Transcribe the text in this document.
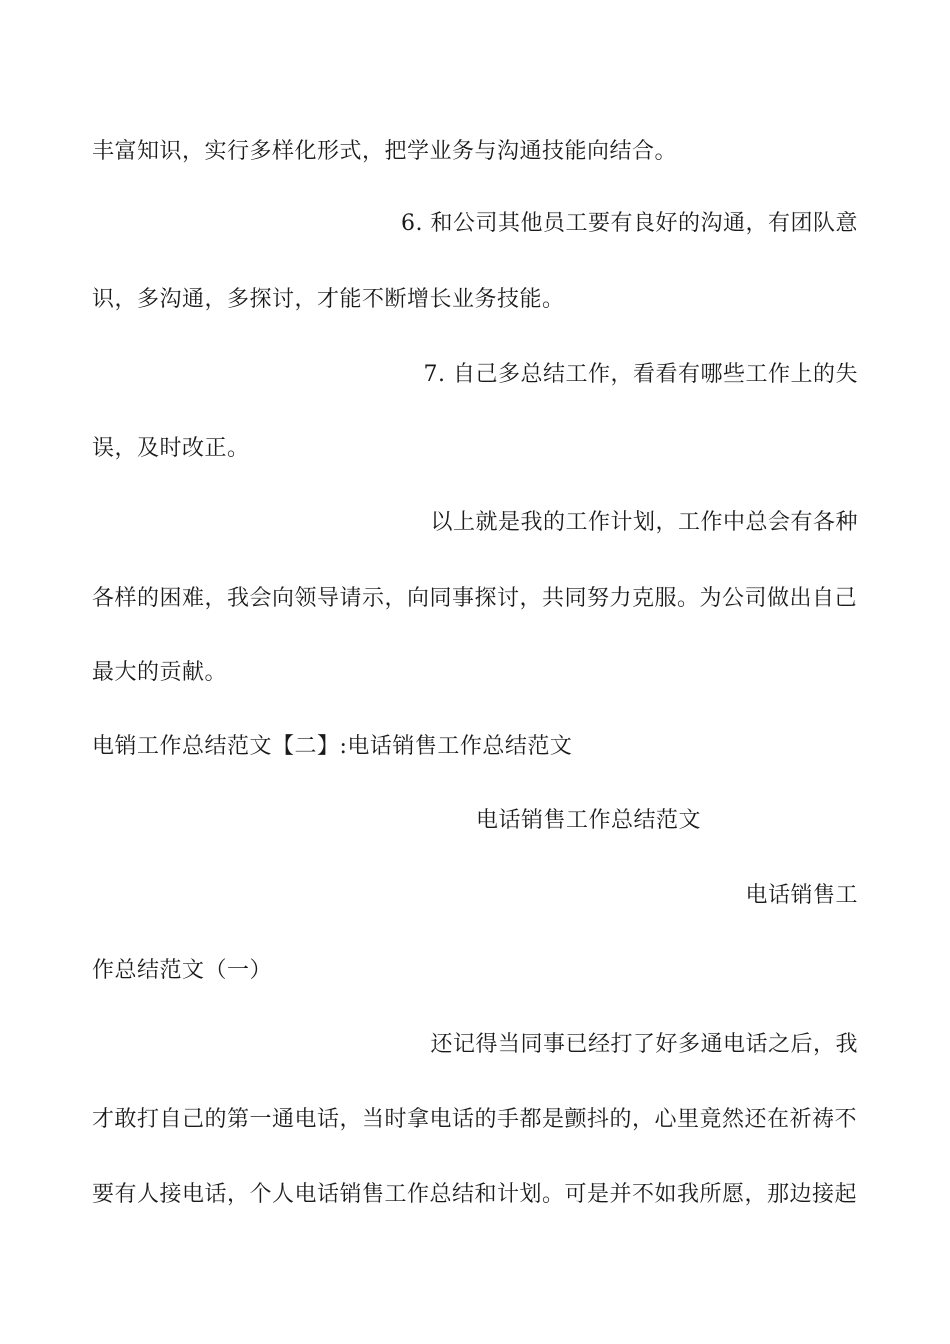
丰富知识，实行多样化形式，把学业务与沟通技能向结合。
6. 和公司其他员工要有良好的沟通，有团队意
识，多沟通，多探讨，才能不断增长业务技能。
7. 自己多总结工作，看看有哪些工作上的失
误，及时改正。
以上就是我的工作计划，工作中总会有各种
各样的困难，我会向领导请示，向同事探讨，共同努力克服。为公司做出自己
最大的贡献。
电销工作总结范文【二】:电话销售工作总结范文
电话销售工作总结范文
电话销售工
作总结范文（一）
还记得当同事已经打了好多通电话之后，我
才敢打自己的第一通电话，当时拿电话的手都是颤抖的，心里竟然还在祈祷不
要有人接电话，个人电话销售工作总结和计划。可是并不如我所愿，那边接起
